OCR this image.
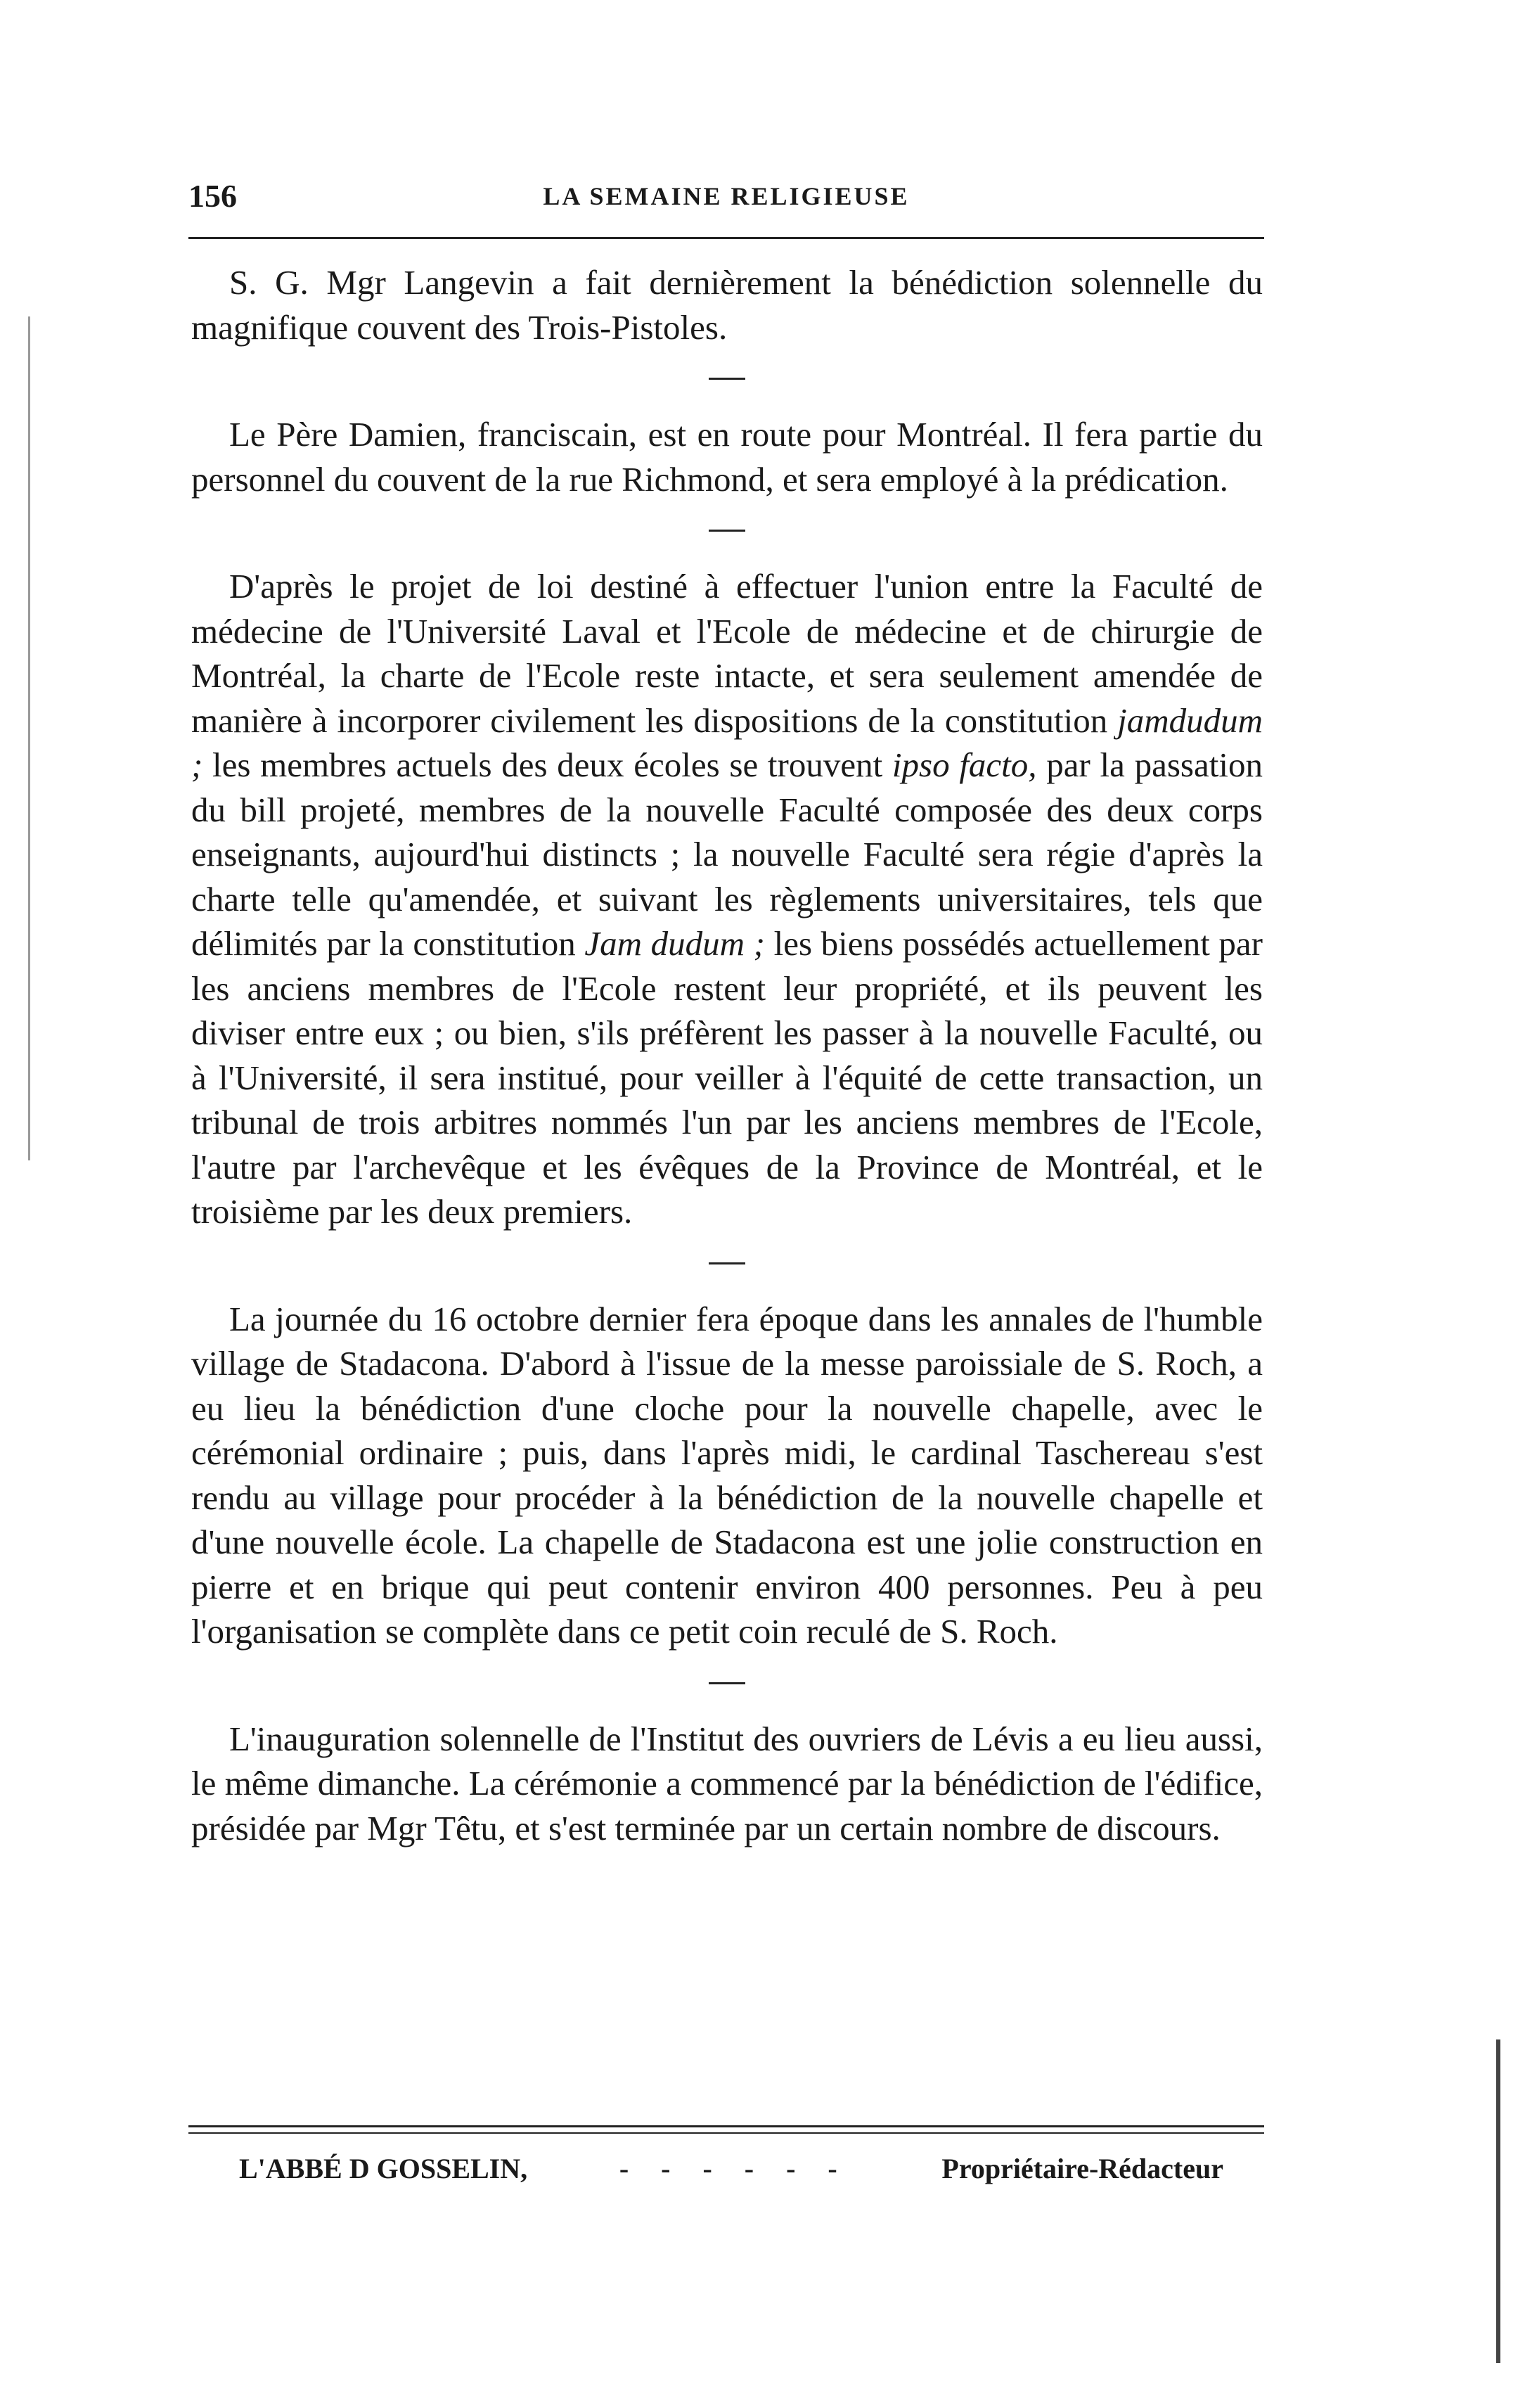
156	LA SEMAINE RELIGIEUSE

S. G. Mgr Langevin a fait dernièrement la bénédiction solennelle du magnifique couvent des Trois-Pistoles.

Le Père Damien, franciscain, est en route pour Montréal. Il fera partie du personnel du couvent de la rue Richmond, et sera employé à la prédication.

D'après le projet de loi destiné à effectuer l'union entre la Faculté de médecine de l'Université Laval et l'Ecole de médecine et de chirurgie de Montréal, la charte de l'Ecole reste intacte, et sera seulement amendée de manière à incorporer civilement les dispositions de la constitution jamdudum ; les membres actuels des deux écoles se trouvent ipso facto, par la passation du bill projeté, membres de la nouvelle Faculté composée des deux corps enseignants, aujourd'hui distincts ; la nouvelle Faculté sera régie d'après la charte telle qu'amendée, et suivant les règlements universitaires, tels que délimités par la constitution Jam dudum ; les biens possédés actuellement par les anciens membres de l'Ecole restent leur propriété, et ils peuvent les diviser entre eux ; ou bien, s'ils préfèrent les passer à la nouvelle Faculté, ou à l'Université, il sera institué, pour veiller à l'équité de cette transaction, un tribunal de trois arbitres nommés l'un par les anciens membres de l'Ecole, l'autre par l'archevêque et les évêques de la Province de Montréal, et le troisième par les deux premiers.

La journée du 16 octobre dernier fera époque dans les annales de l'humble village de Stadacona. D'abord à l'issue de la messe paroissiale de S. Roch, a eu lieu la bénédiction d'une cloche pour la nouvelle chapelle, avec le cérémonial ordinaire ; puis, dans l'après midi, le cardinal Taschereau s'est rendu au village pour procéder à la bénédiction de la nouvelle chapelle et d'une nouvelle école. La chapelle de Stadacona est une jolie construction en pierre et en brique qui peut contenir environ 400 personnes. Peu à peu l'organisation se complète dans ce petit coin reculé de S. Roch.

L'inauguration solennelle de l'Institut des ouvriers de Lévis a eu lieu aussi, le même dimanche. La cérémonie a commencé par la bénédiction de l'édifice, présidée par Mgr Têtu, et s'est terminée par un certain nombre de discours.

L'ABBÉ D GOSSELIN,	- - - - - -	Propriétaire-Rédacteur
